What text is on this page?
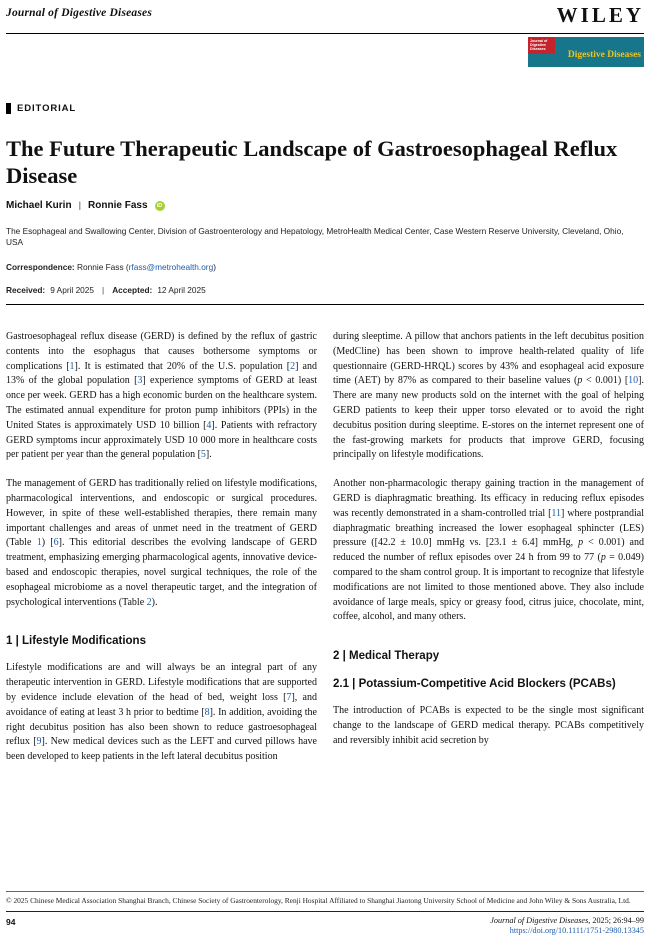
Journal of Digestive Diseases	WILEY
Journal of Digestive Diseases
Digestive Diseases
EDITORIAL
The Future Therapeutic Landscape of Gastroesophageal Reflux Disease
Michael Kurin | Ronnie Fass	iD
The Esophageal and Swallowing Center, Division of Gastroenterology and Hepatology, MetroHealth Medical Center, Case Western Reserve University, Cleveland, Ohio, USA
Correspondence: Ronnie Fass (rfass@metrohealth.org)
Received: 9 April 2025 | Accepted: 12 April 2025

Gastroesophageal reflux disease (GERD) is defined by the reflux of gastric contents into the esophagus that causes bothersome symptoms or complications [1]. It is estimated that 20% of the U.S. population [2] and 13% of the global population [3] experience symptoms of GERD at least once per week. GERD has a high economic burden on the healthcare system. The estimated annual expenditure for proton pump inhibitors (PPIs) in the United States is approximately USD 10 billion [4]. Patients with refractory GERD symptoms incur approximately USD 10 000 more in healthcare costs per patient per year than the general population [5].

The management of GERD has traditionally relied on lifestyle modifications, pharmacological interventions, and endoscopic or surgical procedures. However, in spite of these well-established therapies, there remain many important challenges and areas of unmet need in the treatment of GERD (Table 1) [6]. This editorial describes the evolving landscape of GERD treatment, emphasizing emerging pharmacological agents, innovative device-based and endoscopic therapies, novel surgical techniques, the role of the esophageal microbiome as a novel therapeutic target, and the integration of psychological interventions (Table 2).

1 | Lifestyle Modifications

Lifestyle modifications are and will always be an integral part of any therapeutic intervention in GERD. Lifestyle modifications that are supported by evidence include elevation of the head of bed, weight loss [7], and avoidance of eating at least 3 h prior to bedtime [8]. In addition, avoiding the right decubitus position has also been shown to reduce gastroesophageal reflux [9]. New medical devices such as the LEFT and curved pillows have been developed to keep patients in the left lateral decubitus position

during sleeptime. A pillow that anchors patients in the left decubitus position (MedCline) has been shown to improve health-related quality of life questionnaire (GERD-HRQL) scores by 43% and esophageal acid exposure time (AET) by 87% as compared to their baseline values (p < 0.001) [10]. There are many new products sold on the internet with the goal of helping GERD patients to keep their upper torso elevated or to avoid the right decubitus position during sleeptime. E-stores on the internet represent one of the fast-growing markets for products that improve GERD, focusing principally on lifestyle modifications.

Another non-pharmacologic therapy gaining traction in the management of GERD is diaphragmatic breathing. Its efficacy in reducing reflux episodes was recently demonstrated in a sham-controlled trial [11] where postprandial diaphragmatic breathing increased the lower esophageal sphincter (LES) pressure ([42.2 ± 10.0] mmHg vs. [23.1 ± 6.4] mmHg, p < 0.001) and reduced the number of reflux episodes over 24 h from 99 to 77 (p = 0.049) compared to the sham control group. It is important to recognize that lifestyle modifications are not limited to those mentioned above. They also include avoidance of large meals, spicy or greasy food, citrus juice, chocolate, mint, coffee, alcohol, and many others.

2 | Medical Therapy
2.1 | Potassium-Competitive Acid Blockers (PCABs)

The introduction of PCABs is expected to be the single most significant change to the landscape of GERD medical therapy. PCABs competitively and reversibly inhibit acid secretion by

© 2025 Chinese Medical Association Shanghai Branch, Chinese Society of Gastroenterology, Renji Hospital Affiliated to Shanghai Jiaotong University School of Medicine and John Wiley & Sons Australia, Ltd.
94	Journal of Digestive Diseases, 2025; 26:94–99
https://doi.org/10.1111/1751-2980.13345
